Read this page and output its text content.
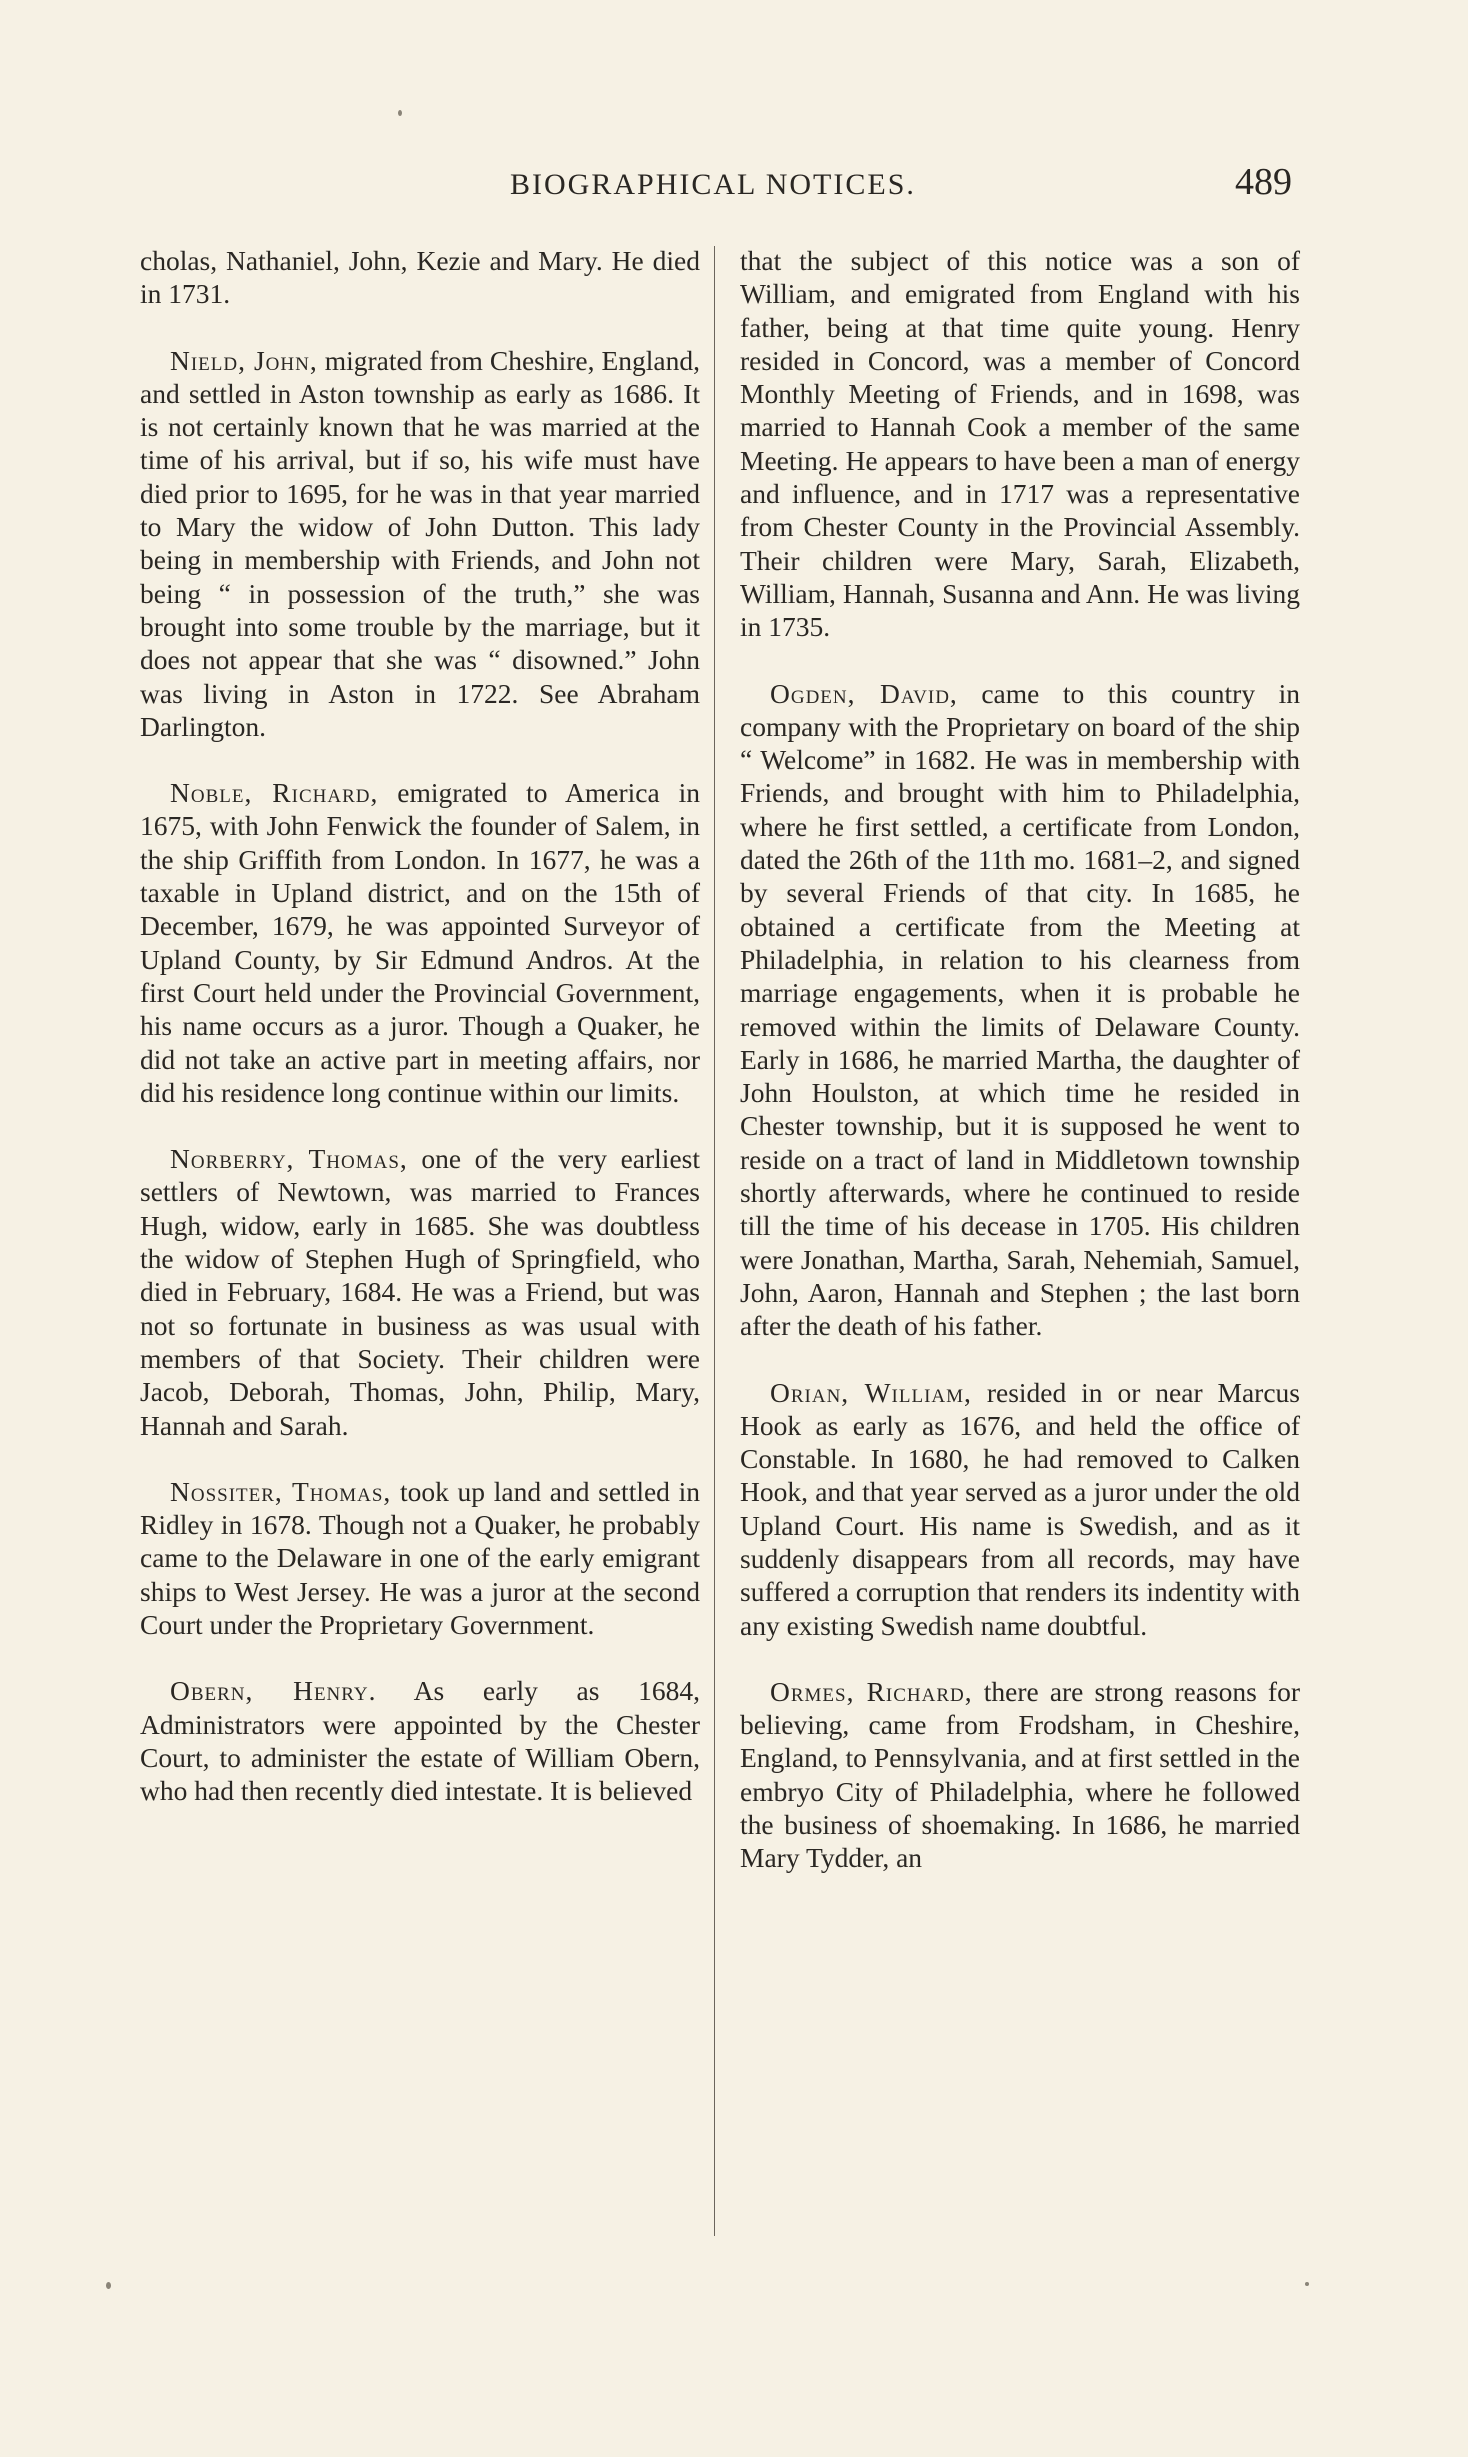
BIOGRAPHICAL NOTICES.	489

cholas, Nathaniel, John, Kezie and Mary. He died in 1731.

Nield, John, migrated from Cheshire, England, and settled in Aston township as early as 1686. It is not certainly known that he was married at the time of his arrival, but if so, his wife must have died prior to 1695, for he was in that year married to Mary the widow of John Dutton. This lady being in membership with Friends, and John not being “ in possession of the truth,” she was brought into some trouble by the marriage, but it does not appear that she was “ disowned.” John was living in Aston in 1722. See Abraham Darlington.

Noble, Richard, emigrated to America in 1675, with John Fenwick the founder of Salem, in the ship Griffith from London. In 1677, he was a taxable in Upland district, and on the 15th of December, 1679, he was appointed Surveyor of Upland County, by Sir Edmund Andros. At the first Court held under the Provincial Government, his name occurs as a juror. Though a Quaker, he did not take an active part in meeting affairs, nor did his residence long continue within our limits.

Norberry, Thomas, one of the very earliest settlers of Newtown, was married to Frances Hugh, widow, early in 1685. She was doubtless the widow of Stephen Hugh of Springfield, who died in February, 1684. He was a Friend, but was not so fortunate in business as was usual with members of that Society. Their children were Jacob, Deborah, Thomas, John, Philip, Mary, Hannah and Sarah.

Nossiter, Thomas, took up land and settled in Ridley in 1678. Though not a Quaker, he probably came to the Delaware in one of the early emigrant ships to West Jersey. He was a juror at the second Court under the Proprietary Government.

Obern, Henry. As early as 1684, Administrators were appointed by the Chester Court, to administer the estate of William Obern, who had then recently died intestate. It is believed

that the subject of this notice was a son of William, and emigrated from England with his father, being at that time quite young. Henry resided in Concord, was a member of Concord Monthly Meeting of Friends, and in 1698, was married to Hannah Cook a member of the same Meeting. He appears to have been a man of energy and influence, and in 1717 was a representative from Chester County in the Provincial Assembly. Their children were Mary, Sarah, Elizabeth, William, Hannah, Susanna and Ann. He was living in 1735.

Ogden, David, came to this country in company with the Proprietary on board of the ship “ Welcome” in 1682. He was in membership with Friends, and brought with him to Philadelphia, where he first settled, a certificate from London, dated the 26th of the 11th mo. 1681–2, and signed by several Friends of that city. In 1685, he obtained a certificate from the Meeting at Philadelphia, in relation to his clearness from marriage engagements, when it is probable he removed within the limits of Delaware County. Early in 1686, he married Martha, the daughter of John Houlston, at which time he resided in Chester township, but it is supposed he went to reside on a tract of land in Middletown township shortly afterwards, where he continued to reside till the time of his decease in 1705. His children were Jonathan, Martha, Sarah, Nehemiah, Samuel, John, Aaron, Hannah and Stephen ; the last born after the death of his father.

Orian, William, resided in or near Marcus Hook as early as 1676, and held the office of Constable. In 1680, he had removed to Calken Hook, and that year served as a juror under the old Upland Court. His name is Swedish, and as it suddenly disappears from all records, may have suffered a corruption that renders its indentity with any existing Swedish name doubtful.

Ormes, Richard, there are strong reasons for believing, came from Frodsham, in Cheshire, England, to Pennsylvania, and at first settled in the embryo City of Philadelphia, where he followed the business of shoemaking. In 1686, he married Mary Tydder, an
